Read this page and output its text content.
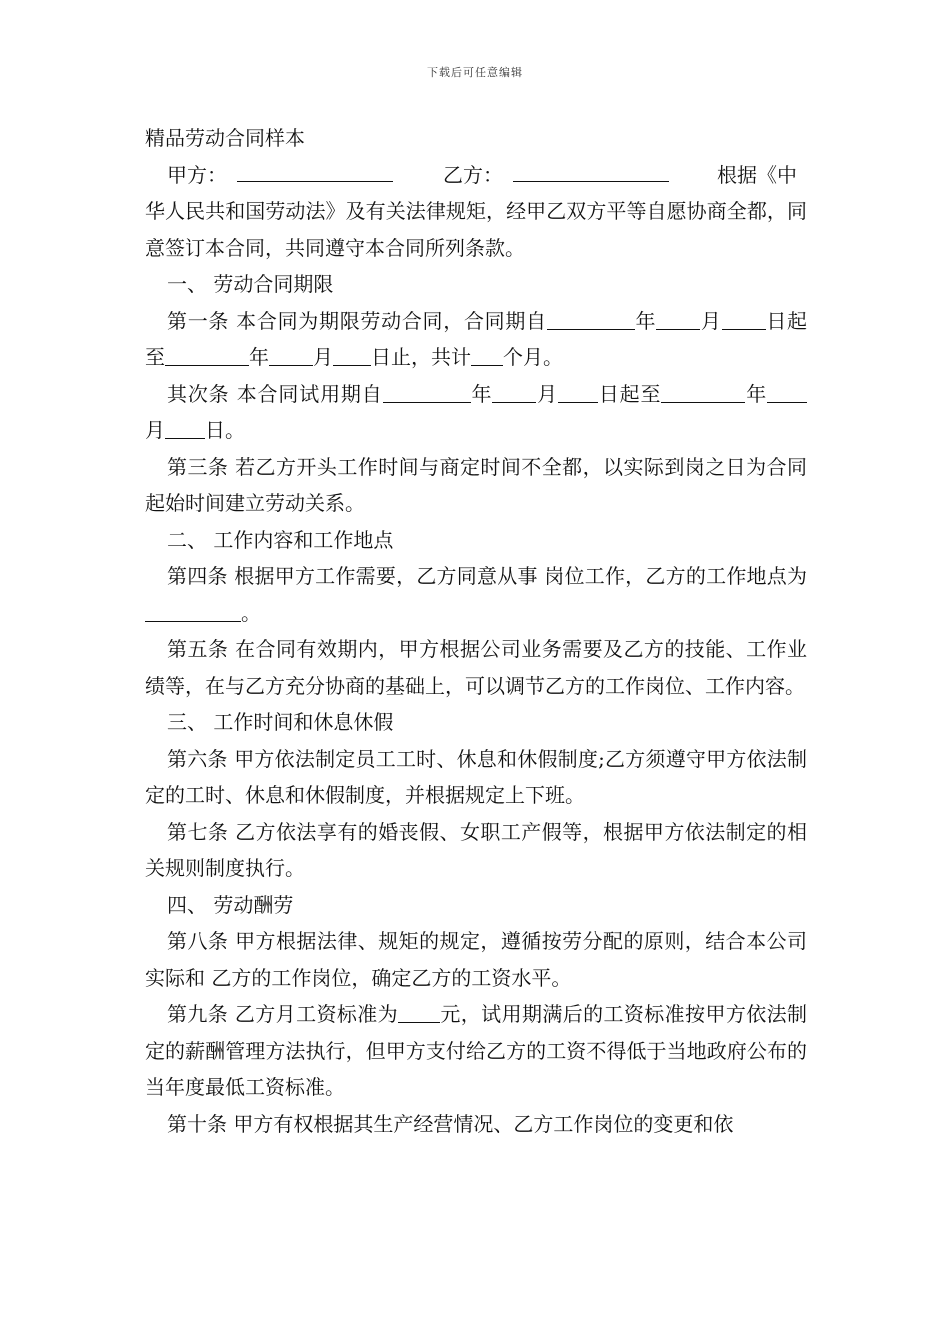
下载后可任意编辑

精品劳动合同样本

甲方：	乙方：	根据《中

华人民共和国劳动法》及有关法律规矩，经甲乙双方平等自愿协商全都，同意签订本合同，共同遵守本合同所列条款。

一、 劳动合同期限

第一条 本合同为期限劳动合同，合同期自	年 月 日起至	年 月 日止，共计 个月。

其次条 本合同试用期自	年 月 日起至	年月 日。

第三条 若乙方开头工作时间与商定时间不全都，以实际到岗之日为合同起始时间建立劳动关系。

二、 工作内容和工作地点

第四条 根据甲方工作需要，乙方同意从事 岗位工作，乙方的工作地点为。

第五条 在合同有效期内，甲方根据公司业务需要及乙方的技能、工作业绩等，在与乙方充分协商的基础上，可以调节乙方的工作岗位、工作内容。

三、 工作时间和休息休假

第六条 甲方依法制定员工工时、休息和休假制度;乙方须遵守甲方依法制定的工时、休息和休假制度，并根据规定上下班。

第七条 乙方依法享有的婚丧假、女职工产假等，根据甲方依法制定的相关规则制度执行。

四、 劳动酬劳

第八条 甲方根据法律、规矩的规定，遵循按劳分配的原则，结合本公司实际和 乙方的工作岗位，确定乙方的工资水平。

第九条 乙方月工资标准为 元，试用期满后的工资标准按甲方依法制定的薪酬管理方法执行，但甲方支付给乙方的工资不得低于当地政府公布的当年度最低工资标准。

第十条 甲方有权根据其生产经营情况、乙方工作岗位的变更和依
